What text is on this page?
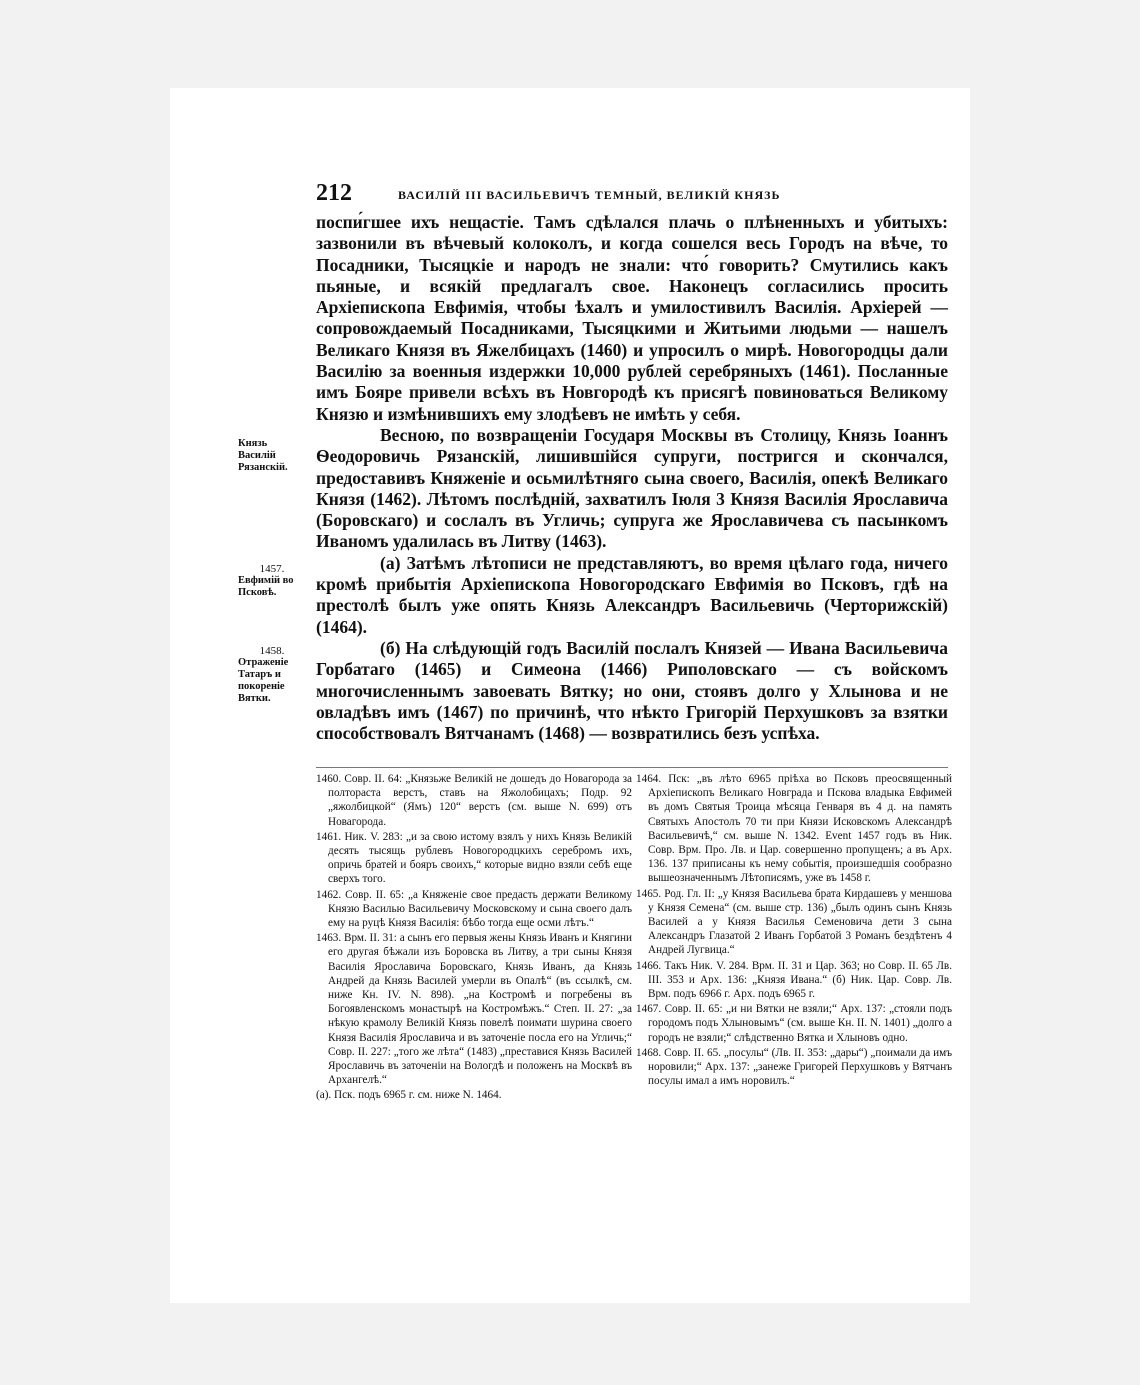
212	ВАСИЛІЙ III ВАСИЛЬЕВИЧЪ ТЕМНЫЙ, ВЕЛИКІЙ КНЯЗЬ

поспи́гшее ихъ нещастіе. Тамъ сдѣлался плачь о плѣненныхъ и убитыхъ: зазвонили въ вѣчевый колоколъ, и когда сошелся весь Городъ на вѣче, то Посадники, Тысяцкіе и народъ не знали: что́ говорить? Смутились какъ пьяные, и всякій предлагалъ свое. Наконецъ согласились просить Архіепископа Евфимія, чтобы ѣхалъ и умилостивилъ Василія. Архіерей — сопровождаемый Посадниками, Тысяцкими и Житьими людьми — нашелъ Великаго Князя въ Яжелбицахъ (1460) и упросилъ о мирѣ. Новогородцы дали Василію за военныя издержки 10,000 рублей серебряныхъ (1461). Посланные имъ Бояре привели всѣхъ въ Новгородѣ къ присягѣ повиноваться Великому Князю и измѣнившихъ ему злодѣевъ не имѣть у себя.

Весною, по возвращеніи Государя Москвы въ Столицу, Князь Іоаннъ Ѳеодоровичь Рязанскій, лишившійся супруги, постригся и скончался, предоставивъ Княженіе и осьмилѣтняго сына своего, Василія, опекѣ Великаго Князя (1462). Лѣтомъ послѣдній, захватилъ Іюля 3 Князя Василія Ярославича (Боровскаго) и сослалъ въ Угличь; супруга же Ярославичева съ пасынкомъ Иваномъ удалилась въ Литву (1463).

(а) Затѣмъ лѣтописи не представляютъ, во время цѣлаго года, ничего кромѣ прибытія Архіепископа Новогородскаго Евфимія во Псковъ, гдѣ на престолѣ былъ уже опять Князь Александръ Васильевичь (Черторижскій) (1464).

(б) На слѣдующій годъ Василій послалъ Князей — Ивана Васильевича Горбатаго (1465) и Симеона (1466) Риполовскаго — съ войскомъ многочисленнымъ завоевать Вятку; но они, стоявъ долго у Хлынова и не овладѣвъ имъ (1467) по причинѣ, что нѣкто Григорій Перхушковъ за взятки способствовалъ Вятчанамъ (1468) — возвратились безъ успѣха.

Князь Василій Рязанскій.
1457.
Евфимій во Псковѣ.
1458.
Отраженіе Татаръ и покореніе Вятки.

1460. Совр. II. 64: „Князьже Великій не дошедъ до Новагорода за полтораста верстъ, ставъ на Яжолобицахъ; Подр. 92 „яжолбицкой“ (Ямъ) 120“ верстъ (см. выше N. 699) отъ Новагорода.

1461. Ник. V. 283: „и за свою истому взялъ у нихъ Князь Великій десять тысящь рублевъ Новогородцкихъ серебромъ ихъ, опричь братей и бояръ своихъ,“ которые видно взяли себѣ еще сверхъ того.

1462. Совр. II. 65: „а Княженіе свое предасть держати Великому Князю Василью Васильевичу Московскому и сына своего далъ ему на руцѣ Князя Василія: бѣбо тогда еще осми лѣтъ.“

1463. Врм. II. 31: а сынъ его первыя жены Князь Иванъ и Княгини его другая бѣжали изъ Боровска въ Литву, а три сыны Князя Василія Ярославича Боровскаго, Князь Иванъ, да Князь Андрей да Князь Василей умерли въ Опалѣ“ (въ ссылкѣ, см. ниже Кн. IV. N. 898). „на Костромѣ и погребены въ Богоявленскомъ монастырѣ на Костромѣжъ.“ Степ. II. 27: „за нѣкую крамолу Великій Князь повелѣ поимати шурина своего Князя Василія Ярославича и въ заточеніе посла его на Угличь;“ Совр. II. 227: „того же лѣта“ (1483) „преставися Князь Василей Ярославичь въ заточеніи на Вологдѣ и положенъ на Москвѣ въ Архангелѣ.“

(а). Пск. подъ 6965 г. см. ниже N. 1464.

1464. Пск: „въ лѣто 6965 пріѣха во Псковъ преосвященный Архіепископъ Великаго Новграда и Пскова владыка Евфимей въ домъ Святыя Троица мѣсяца Генваря въ 4 д. на память Святыхъ Апостолъ 70 ти при Князи Исковскомъ Александрѣ Васильевичѣ,“ см. выше N. 1342. Event 1457 годъ въ Ник. Совр. Врм. Про. Лв. и Цар. совершенно пропущенъ; а въ Арх. 136. 137 приписаны къ нему событія, произшедшія сообразно вышеозначеннымъ Лѣтописямъ, уже въ 1458 г.

1465. Род. Гл. II: „у Князя Васильева брата Кирдашевъ у меншова у Князя Семена“ (см. выше стр. 136) „былъ одинъ сынъ Князь Василей а у Князя Василья Семеновича дети 3 сына Александръ Глазатой 2 Иванъ Горбатой 3 Романъ бездѣтенъ 4 Андрей Лугвица.“

1466. Такъ Ник. V. 284. Врм. II. 31 и Цар. 363; но Совр. II. 65 Лв. III. 353 и Арх. 136: „Князя Ивана.“ (б) Ник. Цар. Совр. Лв. Врм. подъ 6966 г. Арх. подъ 6965 г.

1467. Совр. II. 65: „и ни Вятки не взяли;“ Арх. 137: „стояли подъ городомъ подъ Хлыновымъ“ (см. выше Кн. II. N. 1401) „долго а городъ не взяли;“ слѣдственно Вятка и Хлыновъ одно.

1468. Совр. II. 65. „посулы“ (Лв. II. 353: „дары“) „поимали да имъ норовили;“ Арх. 137: „занеже Григорей Перхушковъ у Вятчанъ посулы имал а имъ норовилъ.“
